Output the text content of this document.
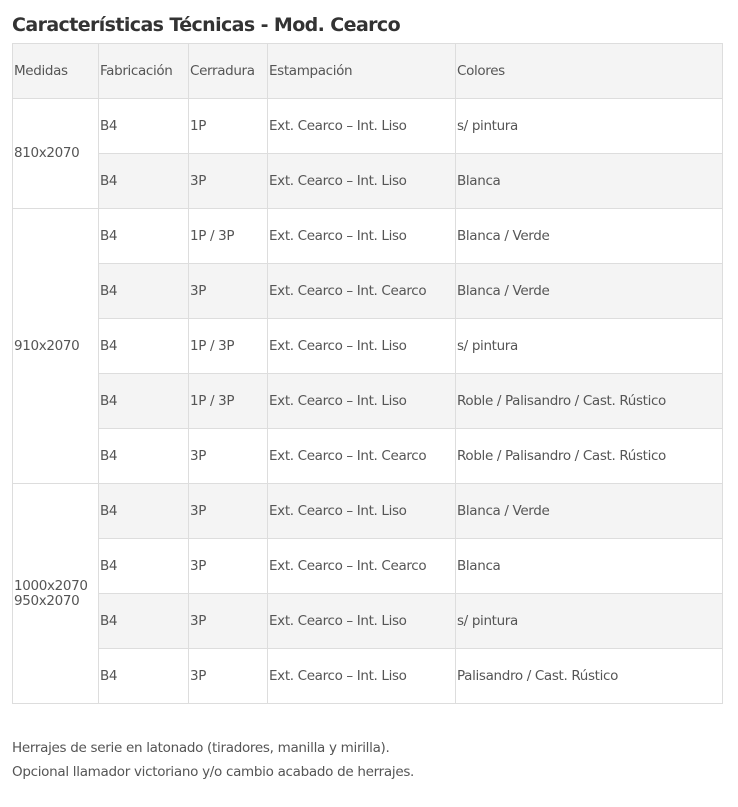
Características Técnicas - Mod. Cearco
Medidas	Fabricación	Cerradura	Estampación	Colores

810x2070	B4	1P	Ext. Cearco – Int. Liso	s/ pintura
	B4	3P	Ext. Cearco – Int. Liso	Blanca

910x2070	B4	1P / 3P	Ext. Cearco – Int. Liso	Blanca / Verde
	B4	3P	Ext. Cearco – Int. Cearco	Blanca / Verde
	B4	1P / 3P	Ext. Cearco – Int. Liso	s/ pintura
	B4	1P / 3P	Ext. Cearco – Int. Liso	Roble / Palisandro / Cast. Rústico
	B4	3P	Ext. Cearco – Int. Cearco	Roble / Palisandro / Cast. Rústico

1000x2070
950x2070	B4	3P	Ext. Cearco – Int. Liso	Blanca / Verde
	B4	3P	Ext. Cearco – Int. Cearco	Blanca
	B4	3P	Ext. Cearco – Int. Liso	s/ pintura
	B4	3P	Ext. Cearco – Int. Liso	Palisandro / Cast. Rústico

Herrajes de serie en latonado (tiradores, manilla y mirilla).

Opcional llamador victoriano y/o cambio acabado de herrajes.
